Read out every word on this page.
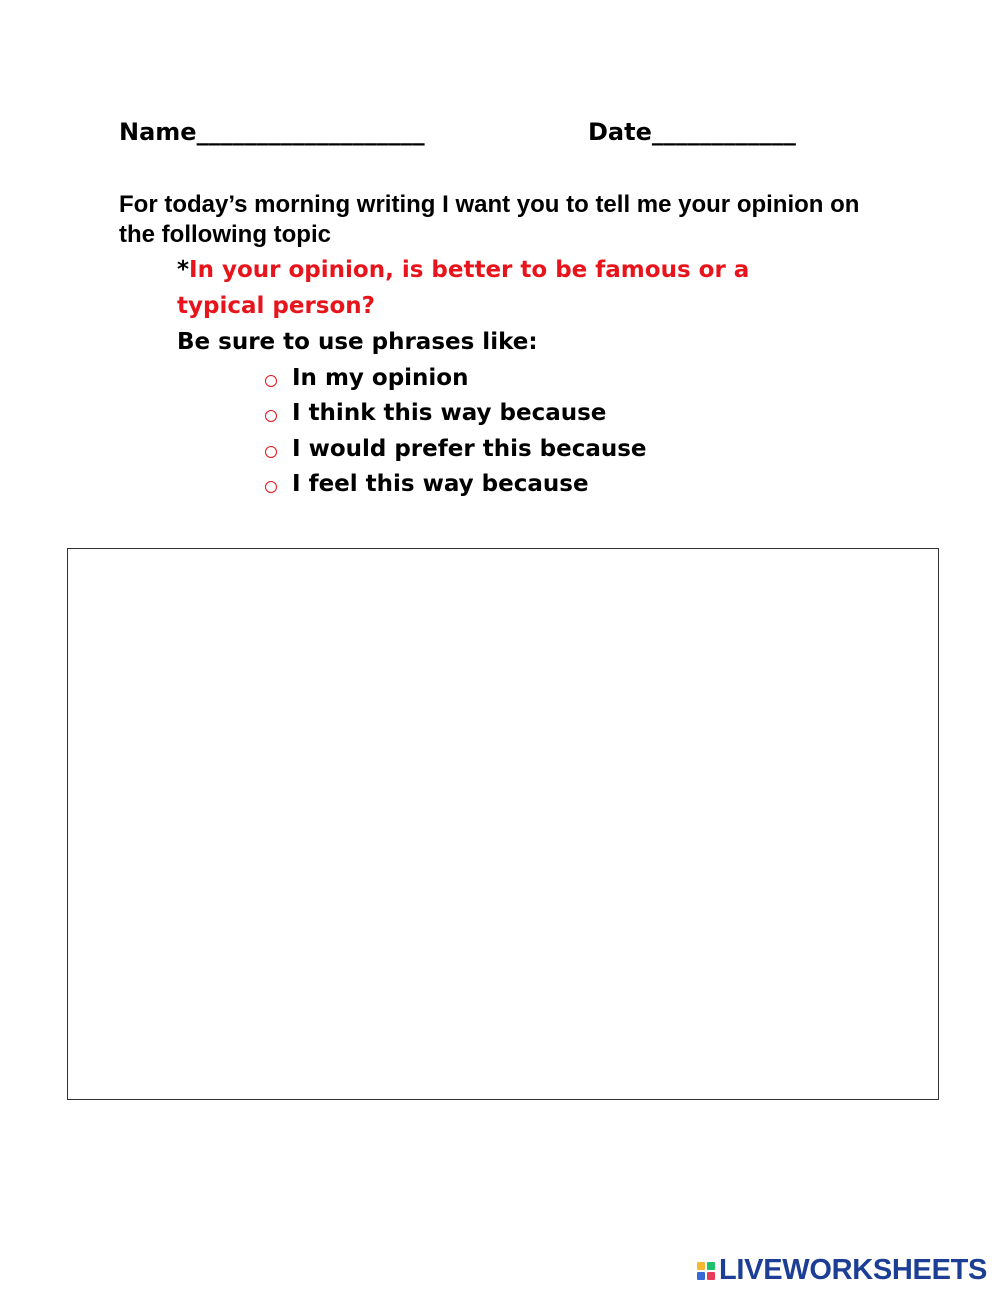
Name___________________	Date____________
For today’s morning writing I want you to tell me your opinion on the following topic
*In your opinion, is better to be famous or a typical person?
Be sure to use phrases like:
In my opinion
I think this way because
I would prefer this because
I feel this way because
LIVEWORKSHEETS
